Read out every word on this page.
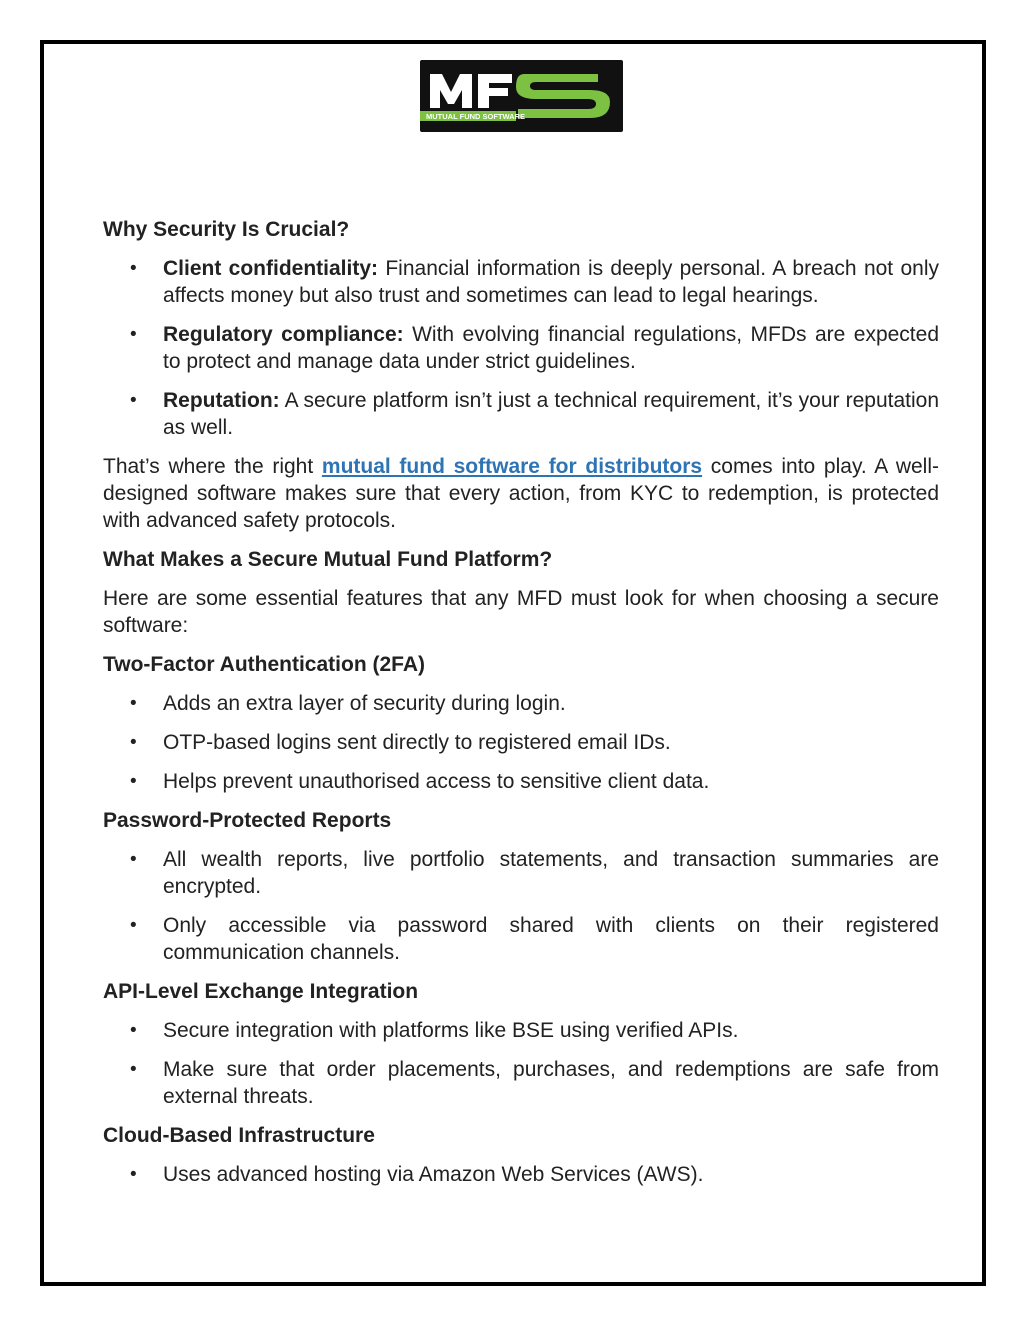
MUTUAL FUND SOFTWARE
Why Security Is Crucial?
• Client confidentiality: Financial information is deeply personal. A breach not only affects money but also trust and sometimes can lead to legal hearings.
• Regulatory compliance: With evolving financial regulations, MFDs are expected to protect and manage data under strict guidelines.
• Reputation: A secure platform isn’t just a technical requirement, it’s your reputation as well.

That’s where the right mutual fund software for distributors comes into play. A well-designed software makes sure that every action, from KYC to redemption, is protected with advanced safety protocols.

What Makes a Secure Mutual Fund Platform?

Here are some essential features that any MFD must look for when choosing a secure software:

Two-Factor Authentication (2FA)
• Adds an extra layer of security during login.
• OTP-based logins sent directly to registered email IDs.
• Helps prevent unauthorised access to sensitive client data.
Password-Protected Reports
• All wealth reports, live portfolio statements, and transaction summaries are encrypted.
• Only accessible via password shared with clients on their registered communication channels.
API-Level Exchange Integration
• Secure integration with platforms like BSE using verified APIs.
• Make sure that order placements, purchases, and redemptions are safe from external threats.
Cloud-Based Infrastructure
• Uses advanced hosting via Amazon Web Services (AWS).
